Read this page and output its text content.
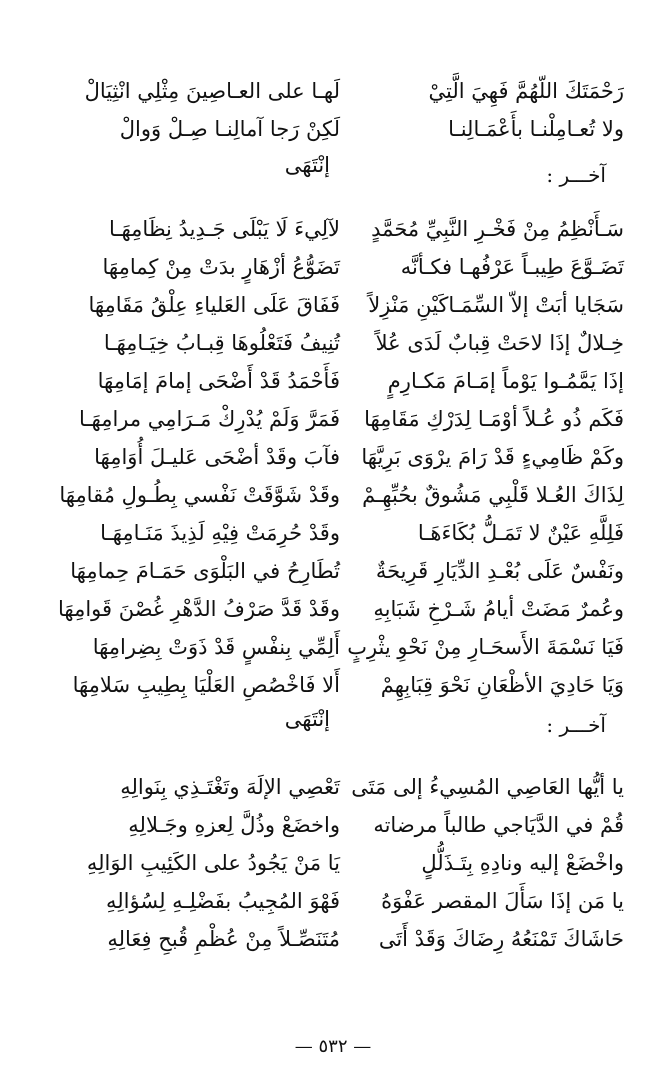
رَحْمَتَكَ اللّهُمَّ فَهِيَ الَّتِيْ
لَهـا على العـاصِينَ مِثْلِي انْثِيَالْ
ولا تُعـامِلْنـا بأَعْمَـالِنـا
لَكِنْ رَجا آمالِنـا صِـلْ وَوالْ
إنْتَهَى	آخـــر :
سَـأَنْظِمُ مِنْ فَخْـرِ النَّبِيِّ مُحَمَّدٍ
لآلِيءَ لَا يَبْلَى جَـدِيدُ نِظَامِهَـا
تَضَـوَّعَ طِيبـاً عَرْفُهـا فكـأنَّه
تَضَوُّعُ أزْهَارٍ بدَتْ مِنْ كِمامِهَا
سَجَايا أبَتْ إلاّ السِّمَـاكَيْنِ مَنْزِلاً
فَفَاقَ عَلَى العَلياءِ عِلْقُ مَقَامِهَا
خِـلالٌ إذَا لاحَتْ قِبابٌ لَدَى عُلاً
تُنِيفُ فَتَعْلُوهَا قِبـابُ خِيَـامِهَـا
إذَا يَمَّمُـوا يَوْماً إمَـامَ مَكـارِمٍ
فَأَحْمَدُ قَدْ أَضْحَى إمامَ إمَامِهَا
فَكَم ذُو عُـلاً أوْمَـا لِدَرْكِ مَقَامِهَا
فَمَرَّ وَلَمْ يُدْرِكْ مَـرَامِي مرامِهَـا
وكَمْ ظَامِيءٍ قَدْ رَامَ يرْوَى بَرِيَّهَا
فآبَ وقَدْ أضْحَى عَليـلَ أُوَامِهَا
لِذَاكَ العُـلا قَلْبِي مَشُوقٌ بحُبِّهِـمْ
وقَدْ شَوَّقَتْ نَفْسي بِطُـولِ مُقامِهَا
فَلِلَّهِ عَيْنٌ لا تَمَـلُّ بُكَاءَهَـا
وقَدْ حُرِمَتْ فِيْهِ لَذِيذَ مَنَـامِهَـا
ونَفْسٌ عَلَى بُعْـدِ الدِّيَارِ قَرِيحَةٌ
تُطَارِحُ في البَلْوَى حَمَـامَ حِمامِهَا
وعُمرٌ مَضَتْ أيامُ شَـرْخِ شَبَابِهِ
وقَدْ قَدَّ صَرْفُ الدَّهْرِ غُصْنَ قَوامِهَا
فَيَا نَسْمَةَ الأَسحَـارِ مِنْ نَحْوِ يثْرِبٍ
أَلِمِّي بِنفْسٍ قَدْ ذَوَتْ بِضِرامِهَا
وَيَا حَادِيَ الأظْعَانِ نَحْوَ قِبَابِهِمْ
أَلا فَاخْصُصِ العَلْيَا بِطِيبِ سَلامِهَا
إنْتَهَى	آخـــر :
يا أيُّها العَاصِي المُسِيءُ إلى مَتَى
تَعْصِي الإلَهَ وتَغْتَـذِي بِنَوالِهِ
قُمْ في الدَّيَاجي طالباً مرضاته
واخضَعْ وذُلَّ لِعزهِ وجَـلالِهِ
واخْضَعْ إليه ونادِهِ بِتَـذَلُّلٍ
يَا مَنْ يَجُودُ على الكَئِيبِ الوَالِهِ
يا مَن إذَا سَأَلَ المقصر عَفْوَهُ
فَهْوَ المُجِيبُ بفَضْلِـهِ لِسُؤالِهِ
حَاشَاكَ تَمْنَعُهُ رِضَاكَ وَقَدْ أَتَى
مُتَنَصِّـلاً مِنْ عُظْمِ قُبحِ فِعَالِهِ
— ٥٣٢ —
